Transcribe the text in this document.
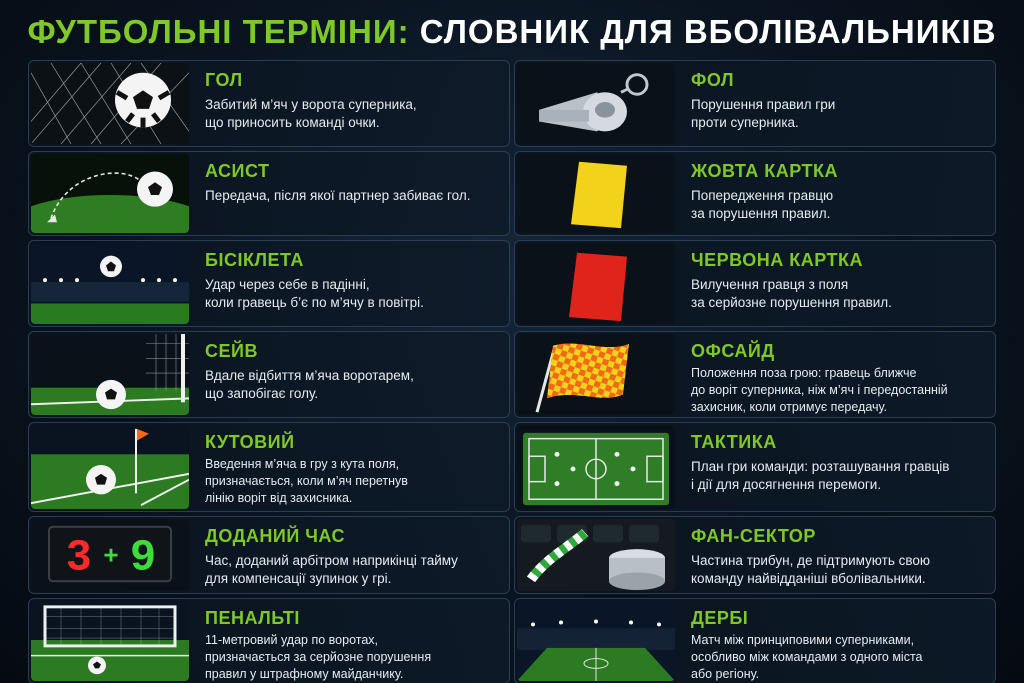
ФУТБОЛЬНІ ТЕРМІНИ: СЛОВНИК ДЛЯ ВБОЛІВАЛЬНИКІВ
ГОЛ
Забитий м’яч у ворота суперника,
що приносить команді очки.
АСИСТ
Передача, після якої партнер забиває гол.
БІСІКЛЕТА
Удар через себе в падінні,
коли гравець б’є по м’ячу в повітрі.
СЕЙВ
Вдале відбиття м’яча воротарем,
що запобігає голу.
КУТОВИЙ
Введення м’яча в гру з кута поля,
призначається, коли м’яч перетнув
лінію воріт від захисника.
3 + 9	ДОДАНИЙ ЧАС
Час, доданий арбітром наприкінці тайму
для компенсації зупинок у грі.
ПЕНАЛЬТІ
11-метровий удар по воротах,
призначається за серйозне порушення
правил у штрафному майданчику.
ФОЛ
Порушення правил гри
проти суперника.
ЖОВТА КАРТКА
Попередження гравцю
за порушення правил.
ЧЕРВОНА КАРТКА
Вилучення гравця з поля
за серйозне порушення правил.
ОФСАЙД
Положення поза грою: гравець ближче
до воріт суперника, ніж м’яч і передостанній
захисник, коли отримує передачу.
ТАКТИКА
План гри команди: розташування гравців
і дії для досягнення перемоги.
ФАН-СЕКТОР
Частина трибун, де підтримують свою
команду найвідданіші вболівальники.
ДЕРБІ
Матч між принциповими суперниками,
особливо між командами з одного міста
або регіону.
